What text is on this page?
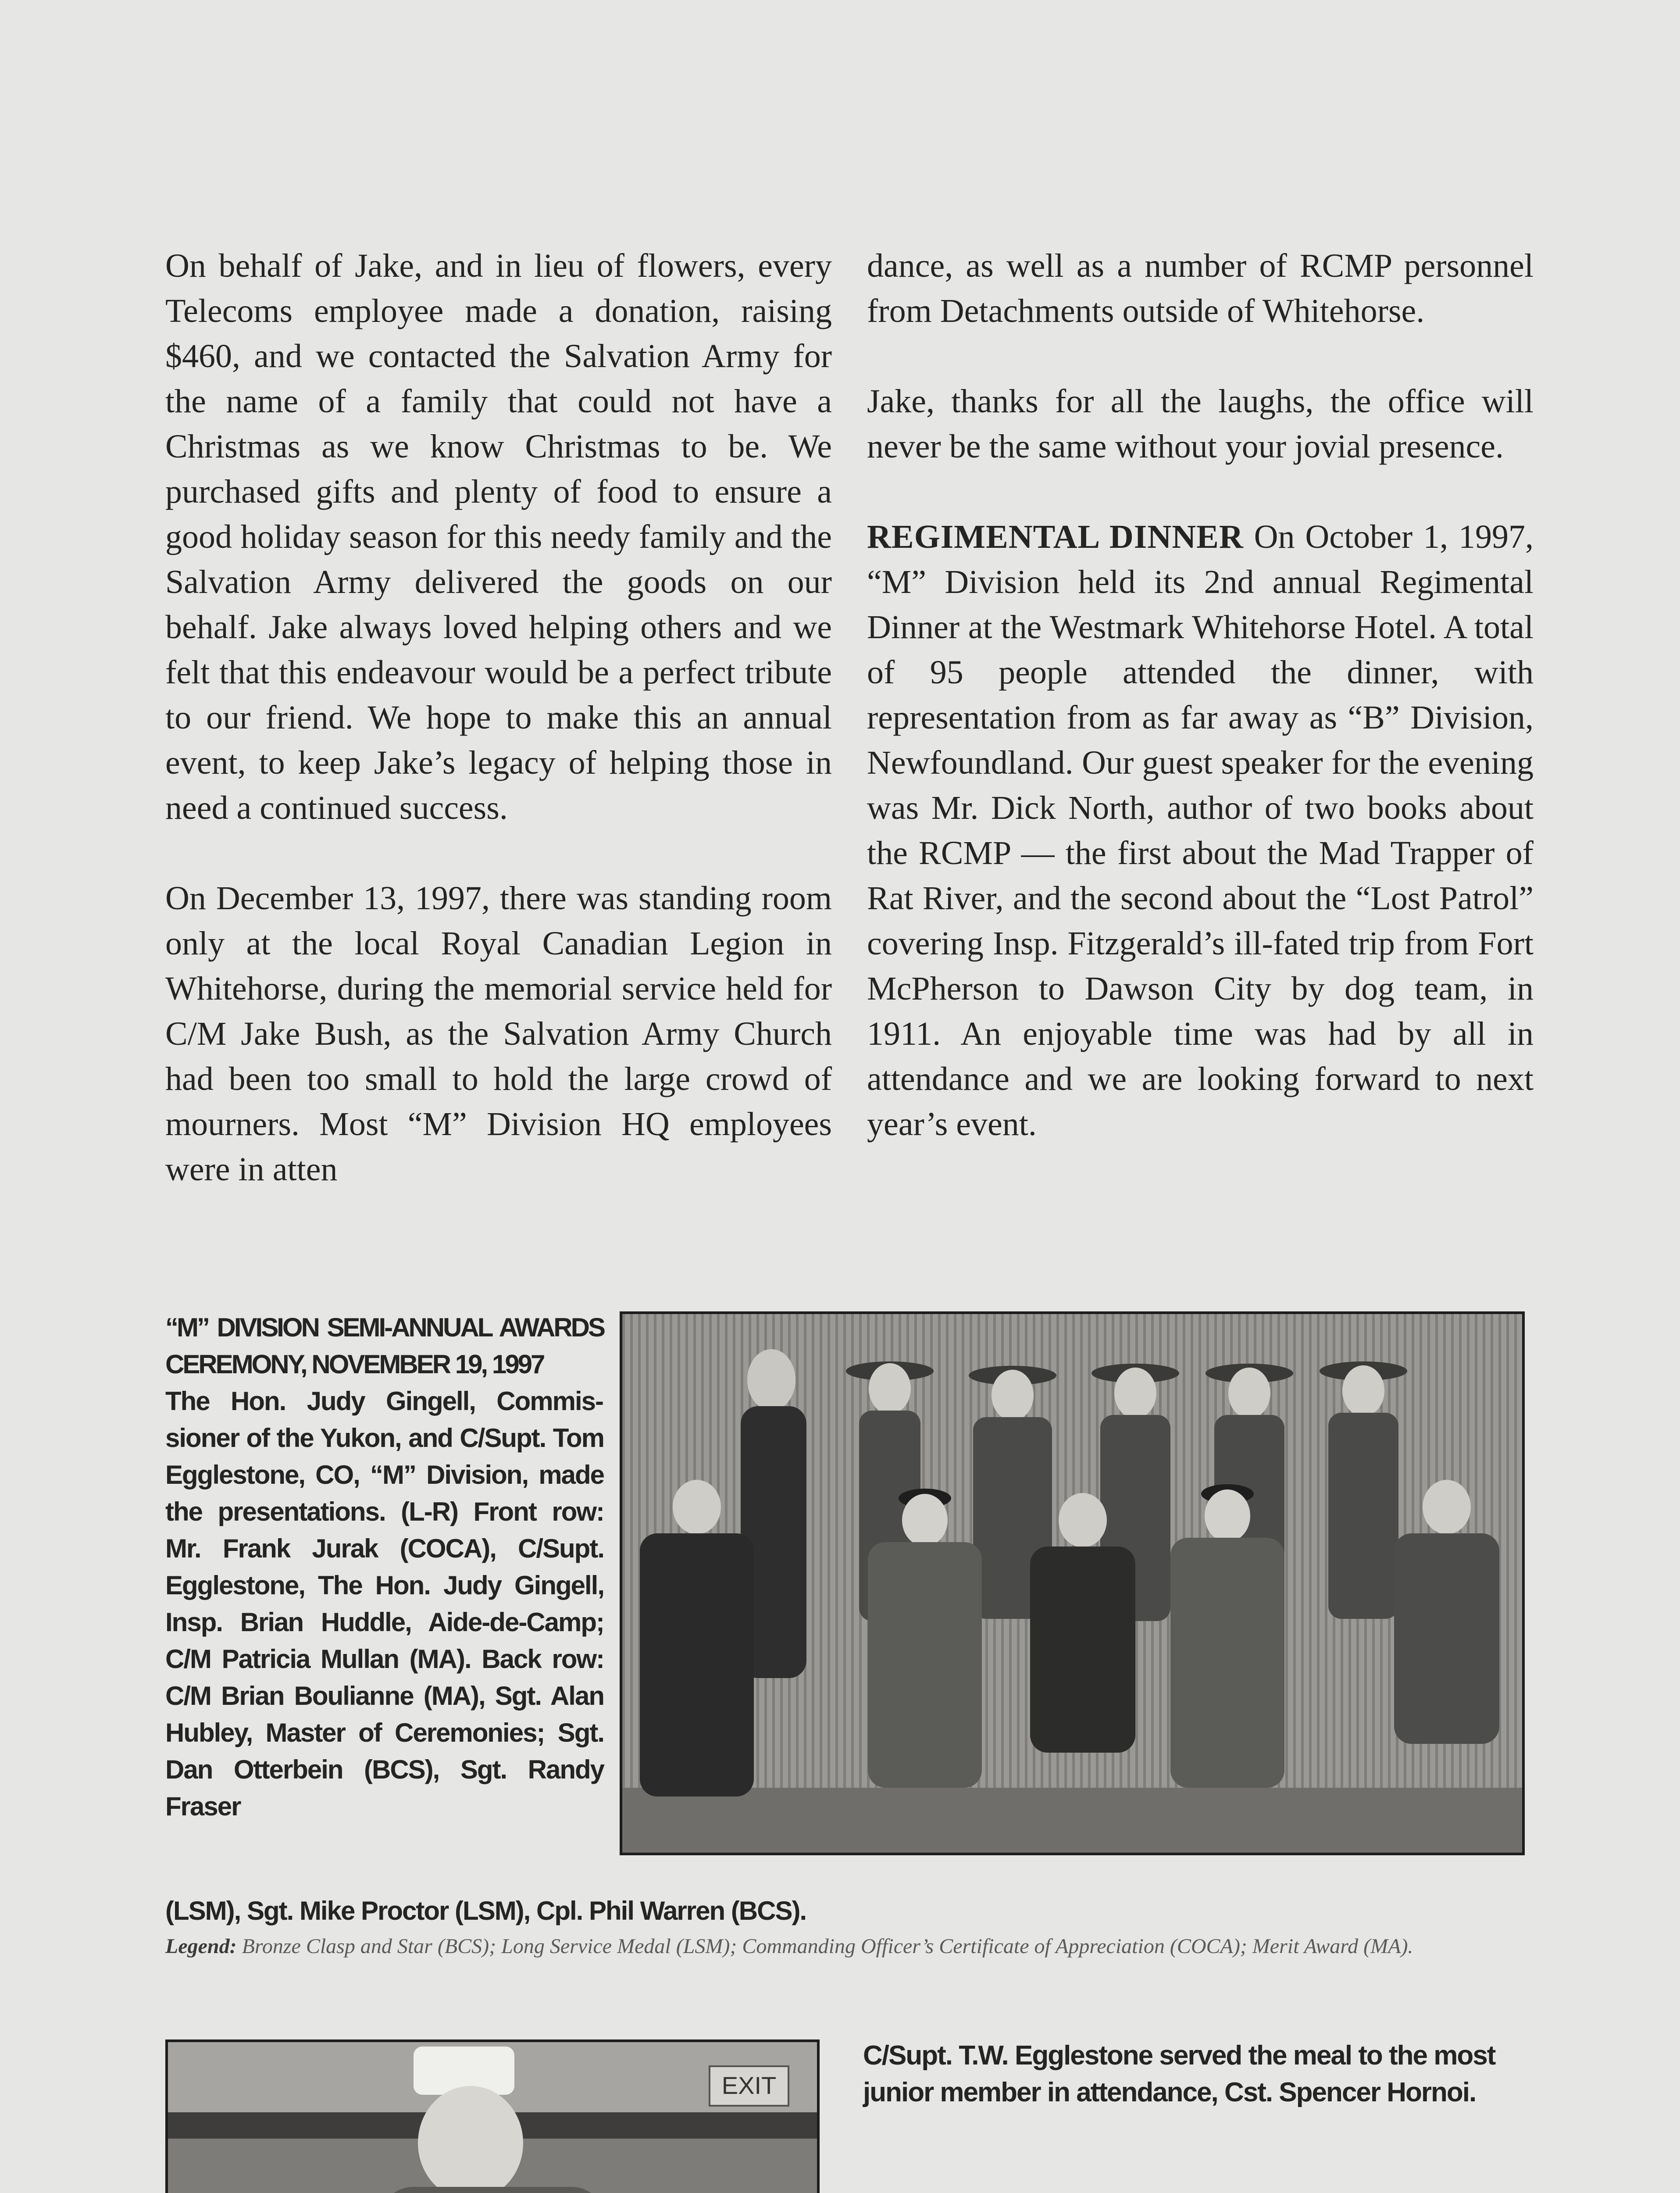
On behalf of Jake, and in lieu of flowers, every Telecoms employee made a donation, raising $460, and we contacted the Salvation Army for the name of a family that could not have a Christmas as we know Christmas to be. We purchased gifts and plenty of food to ensure a good holiday season for this needy family and the Salvation Army delivered the goods on our behalf. Jake always loved helping others and we felt that this endeavour would be a perfect tribute to our friend. We hope to make this an annual event, to keep Jake’s legacy of helping those in need a continued success.

On December 13, 1997, there was standing room only at the local Royal Canadian Legion in Whitehorse, during the memorial service held for C/M Jake Bush, as the Salvation Army Church had been too small to hold the large crowd of mourners. Most “M” Division HQ employees were in atten

dance, as well as a number of RCMP personnel from Detachments outside of Whitehorse.

Jake, thanks for all the laughs, the office will never be the same without your jovial presence.

REGIMENTAL DINNER On October 1, 1997, “M” Division held its 2nd annual Regimental Dinner at the Westmark Whitehorse Hotel. A total of 95 people attended the dinner, with representation from as far away as “B” Division, Newfoundland. Our guest speaker for the evening was Mr. Dick North, author of two books about the RCMP — the first about the Mad Trapper of Rat River, and the second about the “Lost Patrol” covering Insp. Fitzgerald’s ill-fated trip from Fort McPherson to Dawson City by dog team, in 1911. An enjoyable time was had by all in attendance and we are looking forward to next year’s event.

“M” DIVISION SEMI-ANNUAL AWARDS CEREMONY, NOVEMBER 19, 1997
The Hon. Judy Gingell, Commissioner of the Yukon, and C/Supt. Tom Egglestone, CO, “M” Division, made the presentations. (L-R) Front row: Mr. Frank Jurak (COCA), C/Supt. Egglestone, The Hon. Judy Gingell, Insp. Brian Huddle, Aide-de-Camp; C/M Patricia Mullan (MA). Back row: C/M Brian Boulianne (MA), Sgt. Alan Hubley, Master of Ceremonies; Sgt. Dan Otterbein (BCS), Sgt. Randy Fraser
(LSM), Sgt. Mike Proctor (LSM), Cpl. Phil Warren (BCS).
Legend: Bronze Clasp and Star (BCS); Long Service Medal (LSM); Commanding Officer’s Certificate of Appreciation (COCA); Merit Award (MA).
EXIT
C/Supt. T.W. Egglestone served the meal to the most junior member in attendance, Cst. Spencer Hornoi.
